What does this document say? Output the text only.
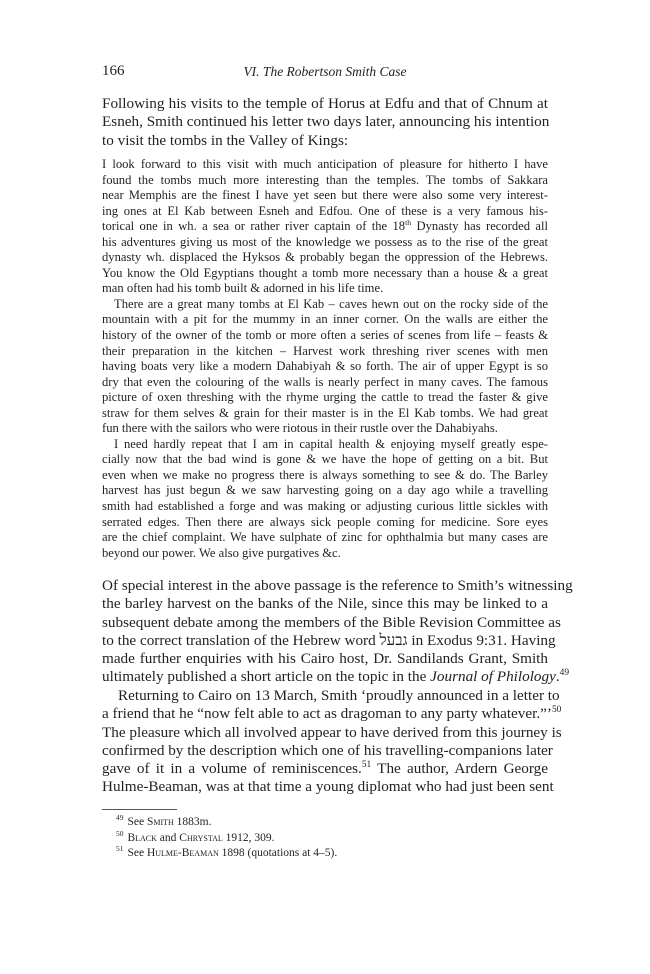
166	VI. The Robertson Smith Case

Following his visits to the temple of Horus at Edfu and that of Chnum at
Esneh, Smith continued his letter two days later, announcing his intention
to visit the tombs in the Valley of Kings:

I look forward to this visit with much anticipation of pleasure for hitherto I have
found the tombs much more interesting than the temples. The tombs of Sakkara
near Memphis are the finest I have yet seen but there were also some very interest-
ing ones at El Kab between Esneh and Edfou. One of these is a very famous his-
torical one in wh. a sea or rather river captain of the 18th Dynasty has recorded all
his adventures giving us most of the knowledge we possess as to the rise of the great
dynasty wh. displaced the Hyksos & probably began the oppression of the Hebrews.
You know the Old Egyptians thought a tomb more necessary than a house & a great
man often had his tomb built & adorned in his life time.

There are a great many tombs at El Kab – caves hewn out on the rocky side of the
mountain with a pit for the mummy in an inner corner. On the walls are either the
history of the owner of the tomb or more often a series of scenes from life – feasts &
their preparation in the kitchen – Harvest work threshing river scenes with men
having boats very like a modern Dahabiyah & so forth. The air of upper Egypt is so
dry that even the colouring of the walls is nearly perfect in many caves. The famous
picture of oxen threshing with the rhyme urging the cattle to tread the faster & give
straw for them selves & grain for their master is in the El Kab tombs. We had great
fun there with the sailors who were riotous in their rustle over the Dahabiyahs.

I need hardly repeat that I am in capital health & enjoying myself greatly espe-
cially now that the bad wind is gone & we have the hope of getting on a bit. But
even when we make no progress there is always something to see & do. The Barley
harvest has just begun & we saw harvesting going on a day ago while a travelling
smith had established a forge and was making or adjusting curious little sickles with
serrated edges. Then there are always sick people coming for medicine. Sore eyes
are the chief complaint. We have sulphate of zinc for ophthalmia but many cases are
beyond our power. We also give purgatives &c.

Of special interest in the above passage is the reference to Smith’s witnessing
the barley harvest on the banks of the Nile, since this may be linked to a
subsequent debate among the members of the Bible Revision Committee as
to the correct translation of the Hebrew word גבעל in Exodus 9:31. Having
made further enquiries with his Cairo host, Dr. Sandilands Grant, Smith
ultimately published a short article on the topic in the Journal of Philology.$^{49}$

Returning to Cairo on 13 March, Smith ‘proudly announced in a letter to
a friend that he “now felt able to act as dragoman to any party whatever.”’$^{50}$
The pleasure which all involved appear to have derived from this journey is
confirmed by the description which one of his travelling-companions later
gave of it in a volume of reminiscences.$^{51}$ The author, Ardern George
Hulme-Beaman, was at that time a young diplomat who had just been sent

$^{49}$ See Smith 1883m.
$^{50}$ Black and Chrystal 1912, 309.
$^{51}$ See Hulme-Beaman 1898 (quotations at 4–5).
